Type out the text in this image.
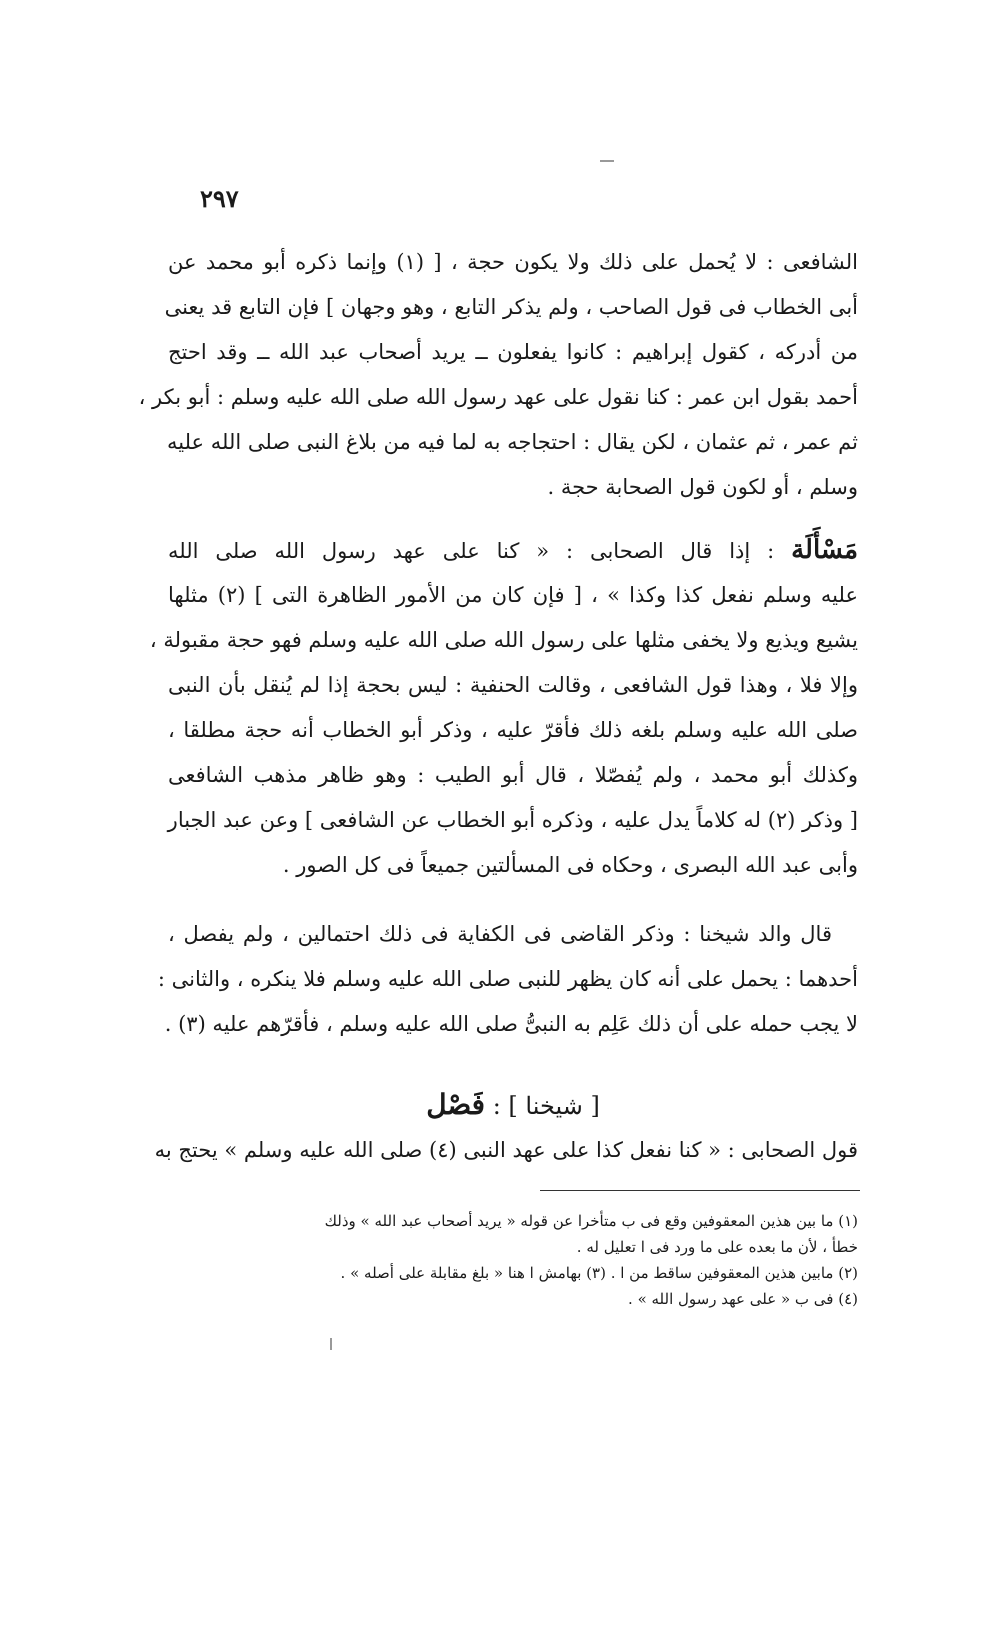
٢٩٧
الشافعى : لا يُحمل على ذلك ولا يكون حجة ، [ (١) وإنما ذكره أبو محمد عن
أبى الخطاب فى قول الصاحب ، ولم يذكر التابع ، وهو وجهان ] فإن التابع قد يعنى
من أدركه ، كقول إبراهيم : كانوا يفعلون ــ يريد أصحاب عبد الله ــ وقد احتج
أحمد بقول ابن عمر : كنا نقول على عهد رسول الله صلى الله عليه وسلم : أبو بكر ،
ثم عمر ، ثم عثمان ، لكن يقال : احتجاجه به لما فيه من بلاغ النبى صلى الله عليه
وسلم ، أو لكون قول الصحابة حجة .
مَسْأَلَة : إذا قال الصحابى : « كنا على عهد رسول الله صلى الله
عليه وسلم نفعل كذا وكذا » ، [ فإن كان من الأمور الظاهرة التى ] (٢) مثلها
يشيع ويذيع ولا يخفى مثلها على رسول الله صلى الله عليه وسلم فهو حجة مقبولة ،
وإلا فلا ، وهذا قول الشافعى ، وقالت الحنفية : ليس بحجة إذا لم يُنقل بأن النبى
صلى الله عليه وسلم بلغه ذلك فأقرّ عليه ، وذكر أبو الخطاب أنه حجة مطلقا ،
وكذلك أبو محمد ، ولم يُفصّلا ، قال أبو الطيب : وهو ظاهر مذهب الشافعى
[ وذكر (٢) له كلاماً يدل عليه ، وذكره أبو الخطاب عن الشافعى ] وعن عبد الجبار
وأبى عبد الله البصرى ، وحكاه فى المسألتين جميعاً فى كل الصور .
قال والد شيخنا : وذكر القاضى فى الكفاية فى ذلك احتمالين ، ولم يفصل ،
أحدهما : يحمل على أنه كان يظهر للنبى صلى الله عليه وسلم فلا ينكره ، والثانى :
لا يجب حمله على أن ذلك عَلِم به النبىُّ صلى الله عليه وسلم ، فأقرّهم عليه (٣) .
[ شيخنا ] : فَصْل
قول الصحابى : « كنا نفعل كذا على عهد النبى (٤) صلى الله عليه وسلم » يحتج به
(١) ما بين هذين المعقوفين وقع فى ب متأخرا عن قوله « يريد أصحاب عبد الله » وذلك
خطأ ، لأن ما بعده على ما ورد فى ا تعليل له .
(٢) مابين هذين المعقوفين ساقط من ا . (٣) بهامش ا هنا « بلغ مقابلة على أصله » .
(٤) فى ب « على عهد رسول الله » .
